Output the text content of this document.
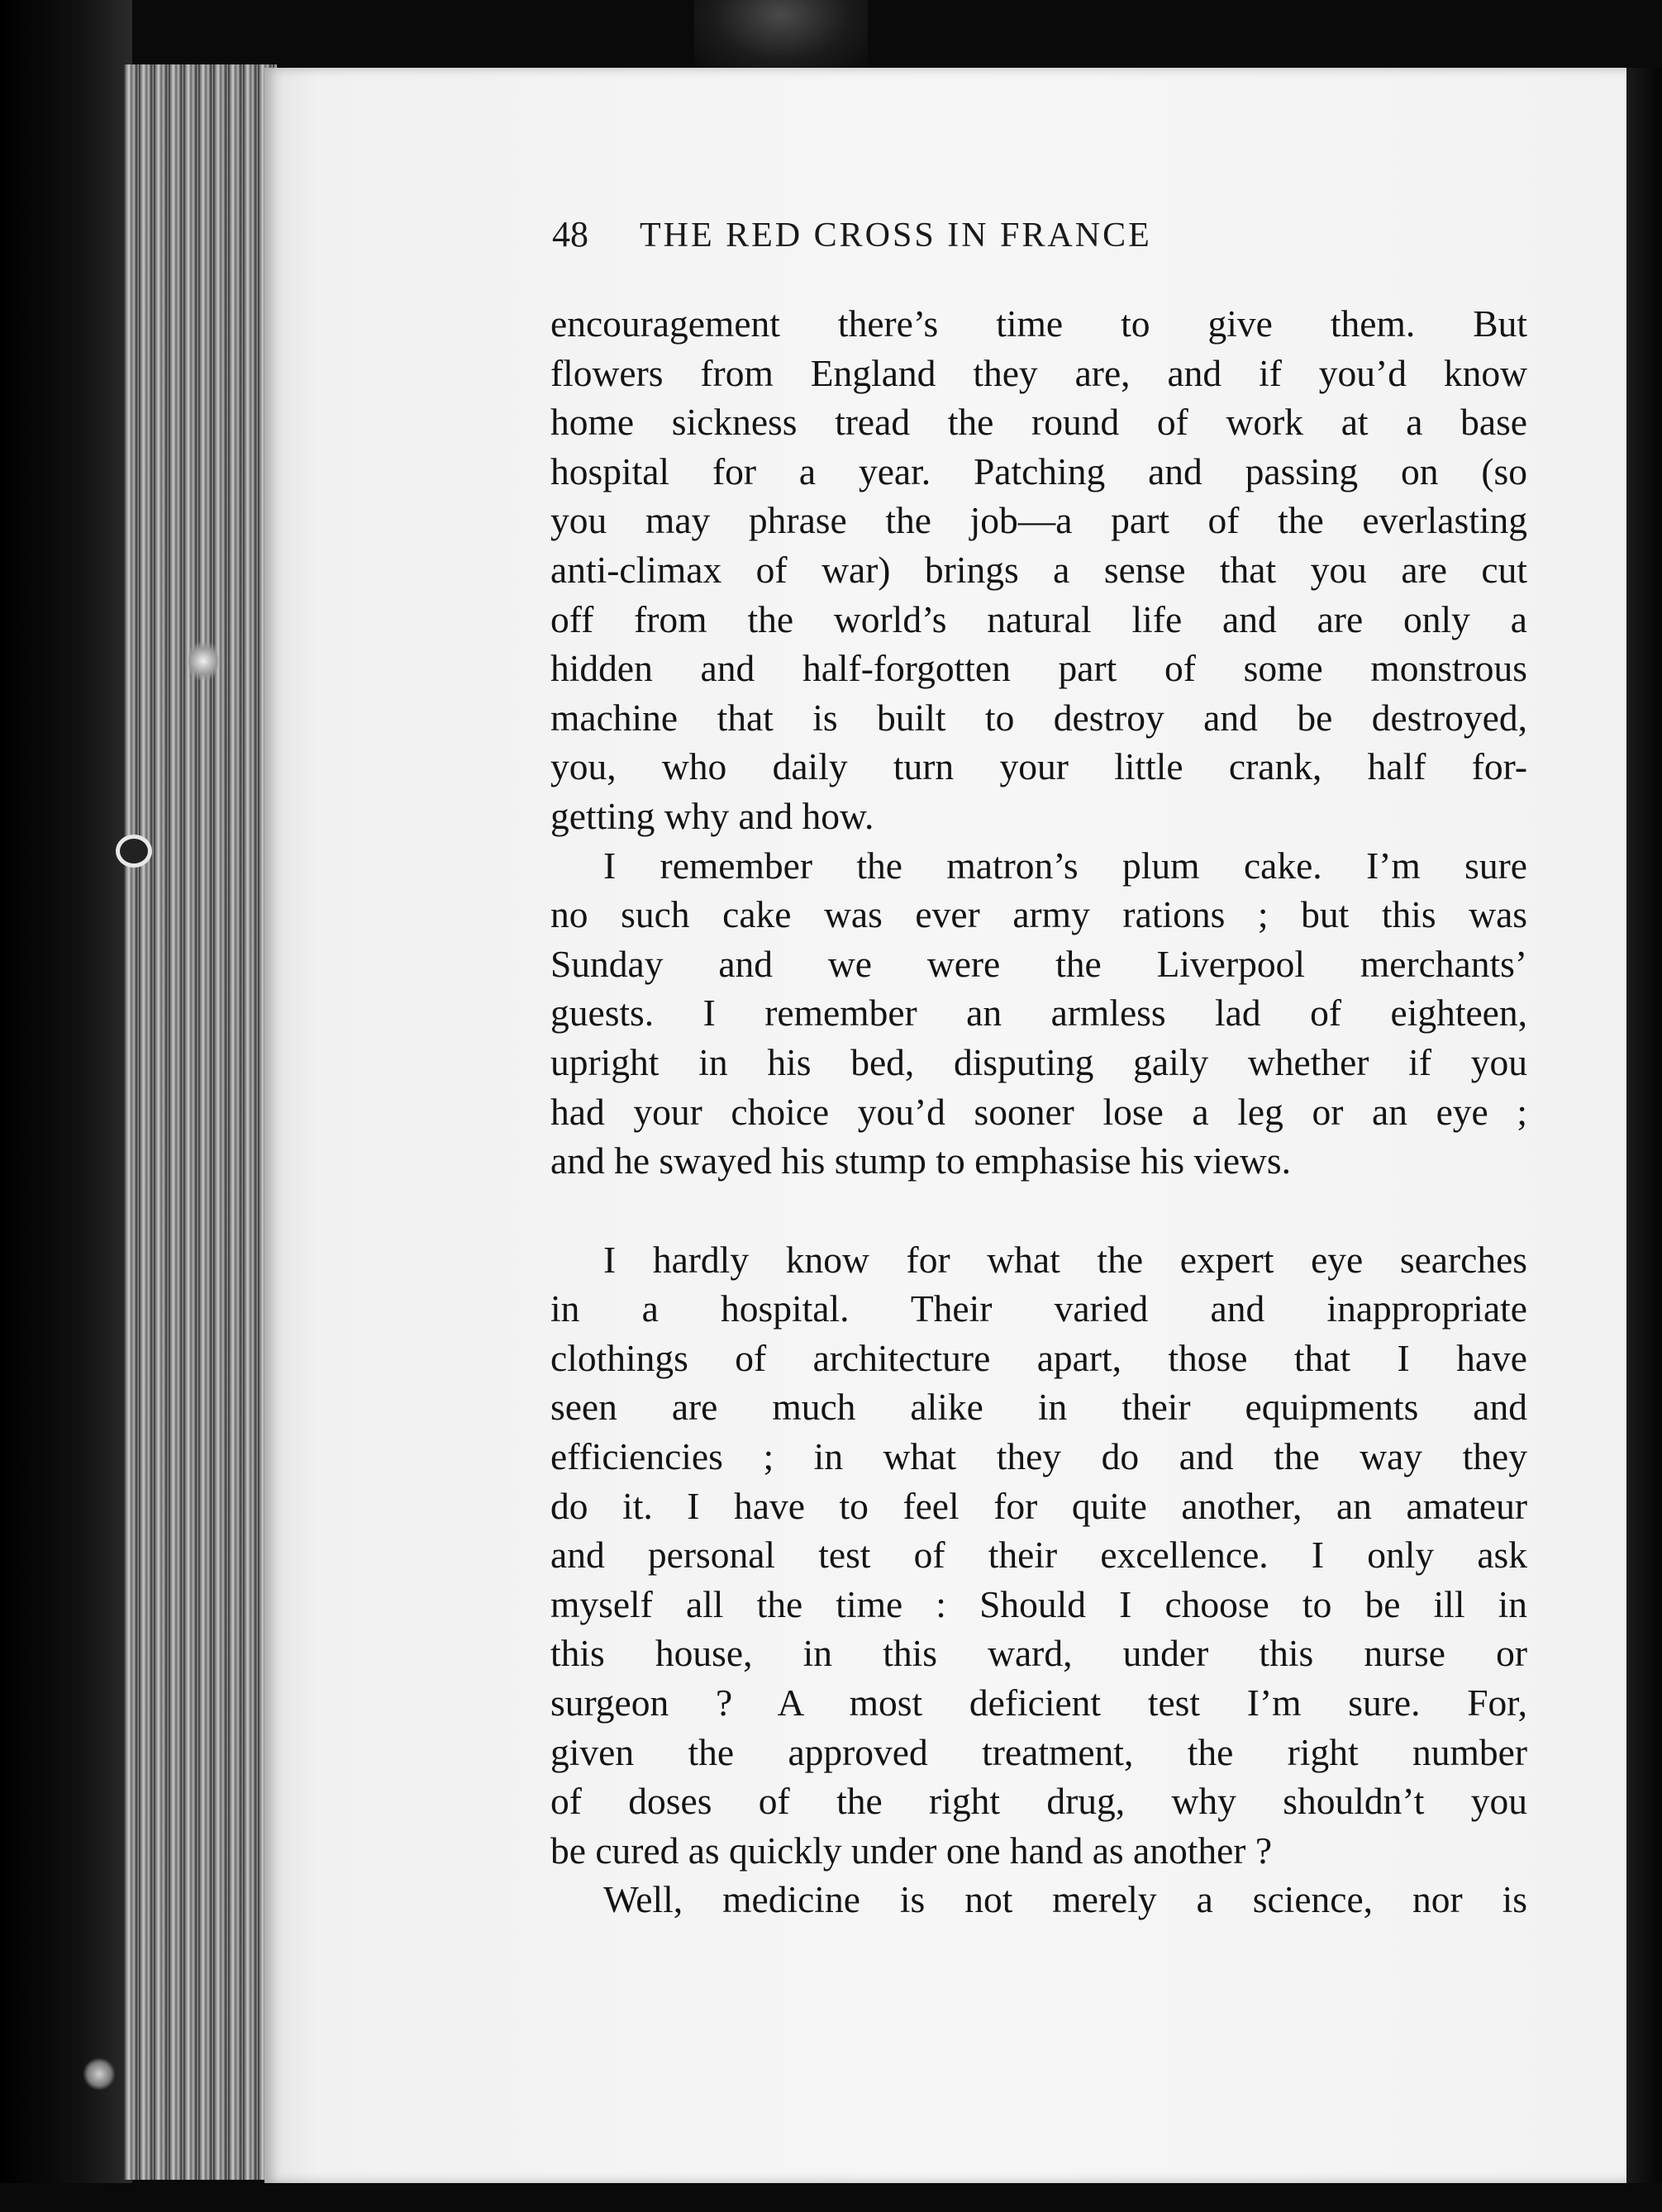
48 THE RED CROSS IN FRANCE
encouragement there’s time to give them. But
flowers from England they are, and if you’d know
home sickness tread the round of work at a base
hospital for a year. Patching and passing on (so
you may phrase the job—a part of the everlasting
anti-climax of war) brings a sense that you are cut
off from the world’s natural life and are only a
hidden and half-forgotten part of some monstrous
machine that is built to destroy and be destroyed,
you, who daily turn your little crank, half for-
getting why and how.
I remember the matron’s plum cake. I’m sure
no such cake was ever army rations ; but this was
Sunday and we were the Liverpool merchants’
guests. I remember an armless lad of eighteen,
upright in his bed, disputing gaily whether if you
had your choice you’d sooner lose a leg or an eye ;
and he swayed his stump to emphasise his views.
I hardly know for what the expert eye searches
in a hospital. Their varied and inappropriate
clothings of architecture apart, those that I have
seen are much alike in their equipments and
efficiencies ; in what they do and the way they
do it. I have to feel for quite another, an amateur
and personal test of their excellence. I only ask
myself all the time : Should I choose to be ill in
this house, in this ward, under this nurse or
surgeon ? A most deficient test I’m sure. For,
given the approved treatment, the right number
of doses of the right drug, why shouldn’t you
be cured as quickly under one hand as another ?
Well, medicine is not merely a science, nor is
